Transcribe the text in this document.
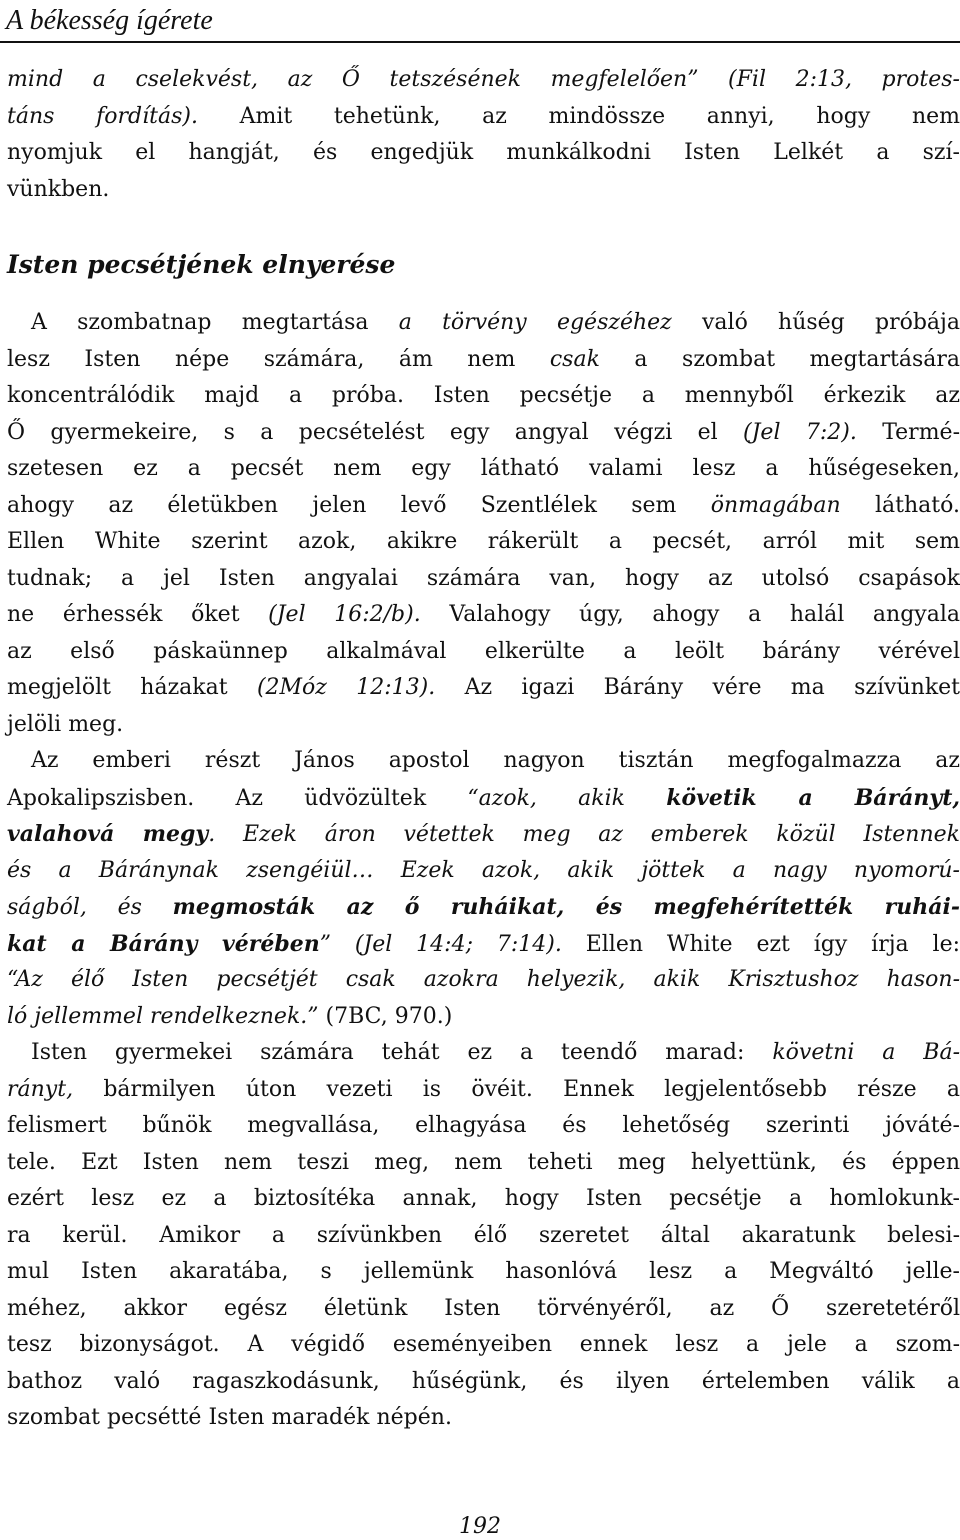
A békesség ígérete
mind a cselekvést, az Ő tetszésének megfelelően” (Fil 2:13, protes-
táns fordítás). Amit tehetünk, az mindössze annyi, hogy nem
nyomjuk el hangját, és engedjük munkálkodni Isten Lelkét a szí-
vünkben.
Isten pecsétjének elnyerése
A szombatnap megtartása a törvény egészéhez való hűség próbája
lesz Isten népe számára, ám nem csak a szombat megtartására
koncentrálódik majd a próba. Isten pecsétje a mennyből érkezik az
Ő gyermekeire, s a pecsételést egy angyal végzi el (Jel 7:2). Termé-
szetesen ez a pecsét nem egy látható valami lesz a hűségeseken,
ahogy az életükben jelen levő Szentlélek sem önmagában látható.
Ellen White szerint azok, akikre rákerült a pecsét, arról mit sem
tudnak; a jel Isten angyalai számára van, hogy az utolsó csapások
ne érhessék őket (Jel 16:2/b). Valahogy úgy, ahogy a halál angyala
az első páskaünnep alkalmával elkerülte a leölt bárány vérével
megjelölt házakat (2Móz 12:13). Az igazi Bárány vére ma szívünket
jelöli meg.
Az emberi részt János apostol nagyon tisztán megfogalmazza az
Apokalipszisben. Az üdvözültek “azok, akik követik a Bárányt,
valahová megy. Ezek áron vétettek meg az emberek közül Istennek
és a Báránynak zsengéiül… Ezek azok, akik jöttek a nagy nyomorú-
ságból, és megmosták az ő ruháikat, és megfehérítették ruhái-
kat a Bárány vérében” (Jel 14:4; 7:14). Ellen White ezt így írja le:
“Az élő Isten pecsétjét csak azokra helyezik, akik Krisztushoz hason-
ló jellemmel rendelkeznek.” (7BC, 970.)
Isten gyermekei számára tehát ez a teendő marad: követni a Bá-
rányt, bármilyen úton vezeti is övéit. Ennek legjelentősebb része a
felismert bűnök megvallása, elhagyása és lehetőség szerinti jóváté-
tele. Ezt Isten nem teszi meg, nem teheti meg helyettünk, és éppen
ezért lesz ez a biztosítéka annak, hogy Isten pecsétje a homlokunk-
ra kerül. Amikor a szívünkben élő szeretet által akaratunk belesi-
mul Isten akaratába, s jellemünk hasonlóvá lesz a Megváltó jelle-
méhez, akkor egész életünk Isten törvényéről, az Ő szeretetéről
tesz bizonyságot. A végidő eseményeiben ennek lesz a jele a szom-
bathoz való ragaszkodásunk, hűségünk, és ilyen értelemben válik a
szombat pecsétté Isten maradék népén.
192
